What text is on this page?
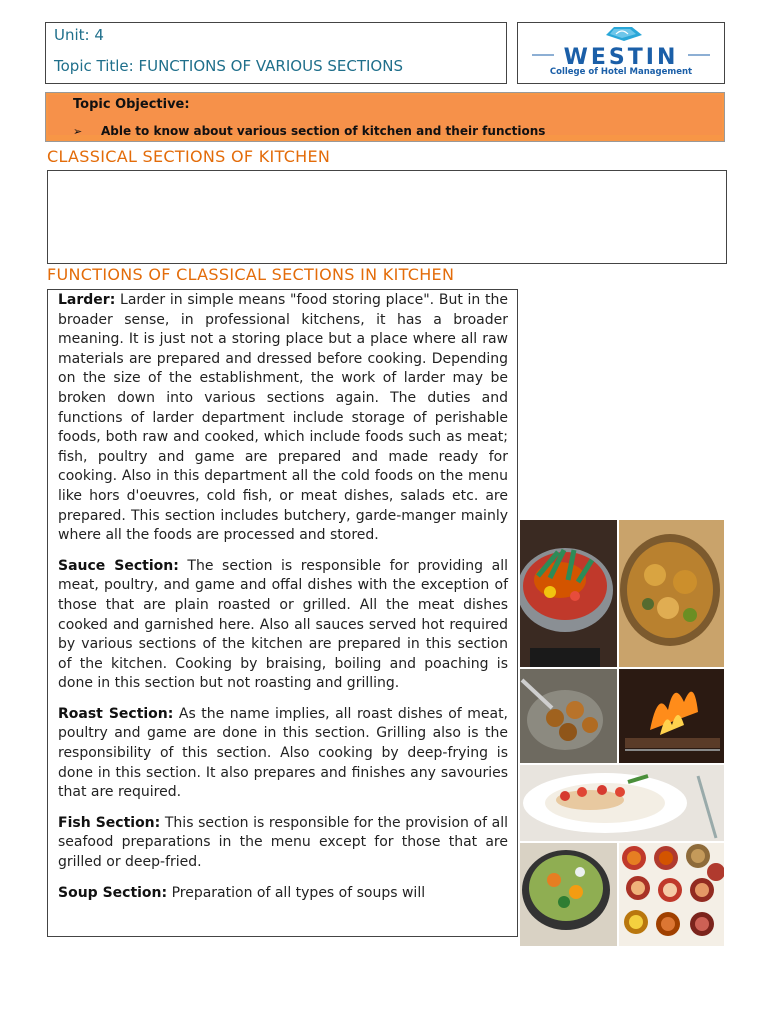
Unit: 4
Topic Title: FUNCTIONS OF VARIOUS SECTIONS	WESTIN
College of Hotel Management
Topic Objective:
➢ Able to know about various section of kitchen and their functions
CLASSICAL SECTIONS OF KITCHEN
FUNCTIONS OF CLASSICAL SECTIONS IN KITCHEN

Larder: Larder in simple means "food storing place". But in the broader sense, in professional kitchens, it has a broader meaning. It is just not a storing place but a place where all raw materials are prepared and dressed before cooking. Depending on the size of the establishment, the work of larder may be broken down into various sections again. The duties and functions of larder department include storage of perishable foods, both raw and cooked, which include foods such as meat; fish, poultry and game are prepared and made ready for cooking. Also in this department all the cold foods on the menu like hors d'oeuvres, cold fish, or meat dishes, salads etc. are prepared. This section includes butchery, garde-manger mainly where all the foods are processed and stored.

Sauce Section: The section is responsible for providing all meat, poultry, and game and offal dishes with the exception of those that are plain roasted or grilled. All the meat dishes cooked and garnished here. Also all sauces served hot required by various sections of the kitchen are prepared in this section of the kitchen. Cooking by braising, boiling and poaching is done in this section but not roasting and grilling.

Roast Section: As the name implies, all roast dishes of meat, poultry and game are done in this section. Grilling also is the responsibility of this section. Also cooking by deep-frying is done in this section. It also prepares and finishes any savouries that are required.

Fish Section: This section is responsible for the provision of all seafood preparations in the menu except for those that are grilled or deep-fried.

Soup Section: Preparation of all types of soups will
